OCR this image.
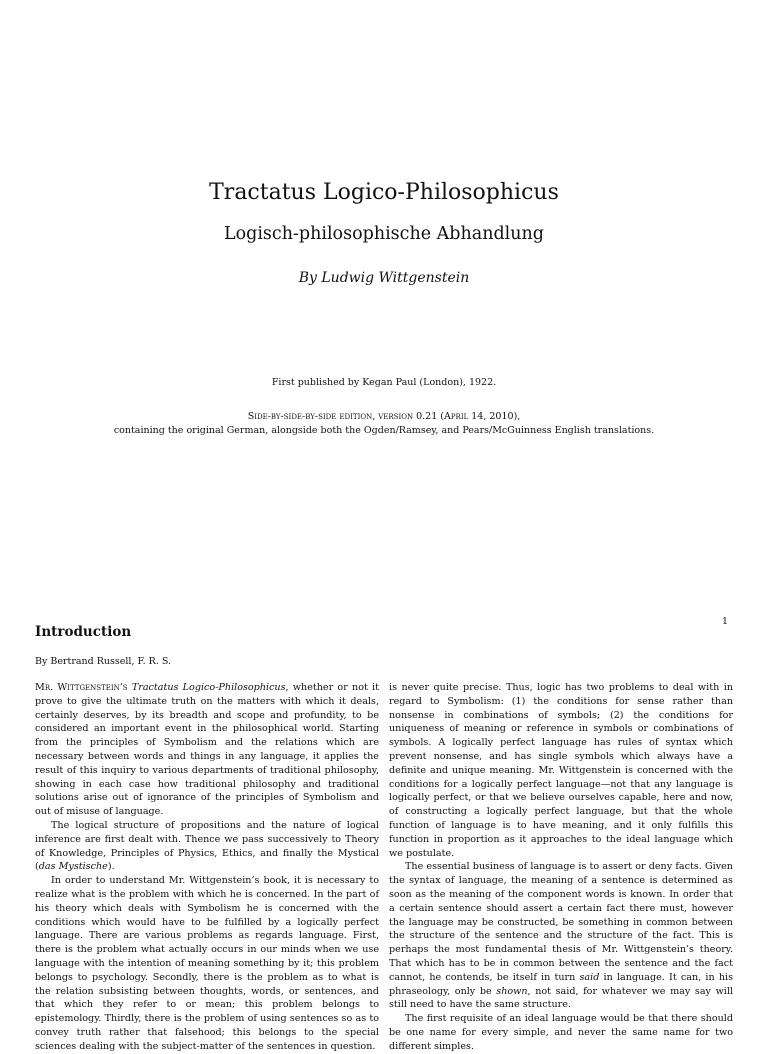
Tractatus Logico-Philosophicus
Logisch-philosophische Abhandlung
By Ludwig Wittgenstein
First published by Kegan Paul (London), 1922.
Side-by-side-by-side edition, version 0.21 (April 14, 2010),
containing the original German, alongside both the Ogden/Ramsey, and Pears/McGuinness English translations.
1
Introduction
By Bertrand Russell, F. R. S.

Mr. Wittgenstein’s Tractatus Logico-Philosophicus, whether or not it prove to give the ultimate truth on the matters with which it deals, certainly deserves, by its breadth and scope and profundity, to be considered an important event in the philosophical world. Starting from the principles of Symbolism and the relations which are necessary between words and things in any language, it applies the result of this inquiry to various departments of traditional philosophy, showing in each case how traditional philosophy and traditional solutions arise out of ignorance of the principles of Symbolism and out of misuse of language.

The logical structure of propositions and the nature of logical inference are first dealt with. Thence we pass successively to Theory of Knowledge, Principles of Physics, Ethics, and finally the Mystical (das Mystische).

In order to understand Mr. Wittgenstein’s book, it is necessary to realize what is the problem with which he is concerned. In the part of his theory which deals with Symbolism he is concerned with the conditions which would have to be fulfilled by a logically perfect language. There are various problems as regards language. First, there is the problem what actually occurs in our minds when we use language with the intention of meaning something by it; this problem belongs to psychology. Secondly, there is the problem as to what is the relation subsisting between thoughts, words, or sentences, and that which they refer to or mean; this problem belongs to epistemology. Thirdly, there is the problem of using sentences so as to convey truth rather that falsehood; this belongs to the special sciences dealing with the subject-matter of the sentences in question.

is never quite precise. Thus, logic has two problems to deal with in regard to Symbolism: (1) the conditions for sense rather than nonsense in combinations of symbols; (2) the conditions for uniqueness of meaning or reference in symbols or combinations of symbols. A logically perfect language has rules of syntax which prevent nonsense, and has single symbols which always have a definite and unique meaning. Mr. Wittgenstein is concerned with the conditions for a logically perfect language—not that any language is logically perfect, or that we believe ourselves capable, here and now, of constructing a logically perfect language, but that the whole function of language is to have meaning, and it only fulfills this function in proportion as it approaches to the ideal language which we postulate.

The essential business of language is to assert or deny facts. Given the syntax of language, the meaning of a sentence is determined as soon as the meaning of the component words is known. In order that a certain sentence should assert a certain fact there must, however the language may be constructed, be something in common between the structure of the sentence and the structure of the fact. This is perhaps the most fundamental thesis of Mr. Wittgenstein’s theory. That which has to be in common between the sentence and the fact cannot, he contends, be itself in turn said in language. It can, in his phraseology, only be shown, not said, for whatever we may say will still need to have the same structure.

The first requisite of an ideal language would be that there should be one name for every simple, and never the same name for two different simples.
